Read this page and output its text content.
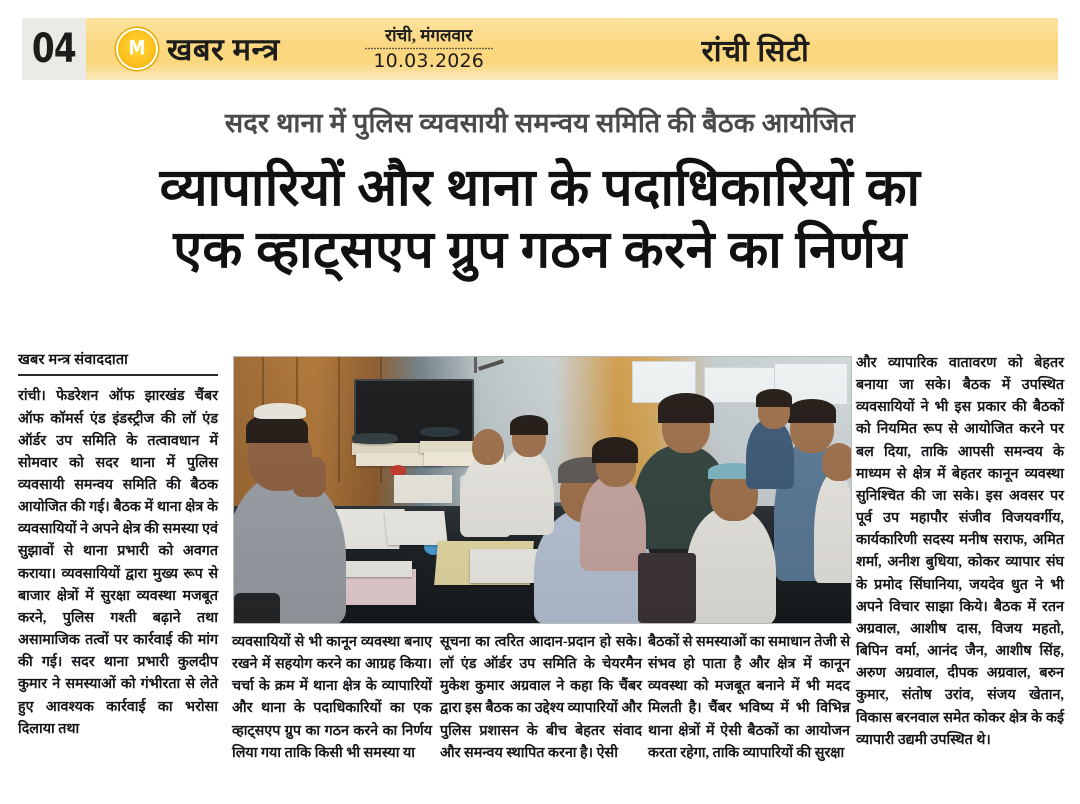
04	M खबर मन्त्र	रांची, मंगलवार
10.03.2026	रांची सिटी
सदर थाना में पुलिस व्यवसायी समन्वय समिति की बैठक आयोजित
व्यापारियों और थाना के पदाधिकारियों का
एक व्हाट्सएप ग्रुप गठन करने का निर्णय
खबर मन्त्र संवाददाता

रांची। फेडरेशन ऑफ झारखंड चैंबर ऑफ कॉमर्स एंड इंडस्ट्रीज की लॉ एंड ऑर्डर उप समिति के तत्वावधान में सोमवार को सदर थाना में पुलिस व्यवसायी समन्वय समिति की बैठक आयोजित की गई। बैठक में थाना क्षेत्र के व्यवसायियों ने अपने क्षेत्र की समस्या एवं सुझावों से थाना प्रभारी को अवगत कराया। व्यवसायियों द्वारा मुख्य रूप से बाजार क्षेत्रों में सुरक्षा व्यवस्था मजबूत करने, पुलिस गश्ती बढ़ाने तथा असामाजिक तत्वों पर कार्रवाई की मांग की गई। सदर थाना प्रभारी कुलदीप कुमार ने समस्याओं को गंभीरता से लेते हुए आवश्यक कार्रवाई का भरोसा दिलाया तथा

व्यवसायियों से भी कानून व्यवस्था बनाए रखने में सहयोग करने का आग्रह किया। चर्चा के क्रम में थाना क्षेत्र के व्यापारियों और थाना के पदाधिकारियों का एक व्हाट्सएप ग्रुप का गठन करने का निर्णय लिया गया ताकि किसी भी समस्या या

सूचना का त्वरित आदान-प्रदान हो सके। लॉ एंड ऑर्डर उप समिति के चेयरमैन मुकेश कुमार अग्रवाल ने कहा कि चैंबर द्वारा इस बैठक का उद्देश्य व्यापारियों और पुलिस प्रशासन के बीच बेहतर संवाद और समन्वय स्थापित करना है। ऐसी

बैठकों से समस्याओं का समाधान तेजी से संभव हो पाता है और क्षेत्र में कानून व्यवस्था को मजबूत बनाने में भी मदद मिलती है। चैंबर भविष्य में भी विभिन्न थाना क्षेत्रों में ऐसी बैठकों का आयोजन करता रहेगा, ताकि व्यापारियों की सुरक्षा

और व्यापारिक वातावरण को बेहतर बनाया जा सके। बैठक में उपस्थित व्यवसायियों ने भी इस प्रकार की बैठकों को नियमित रूप से आयोजित करने पर बल दिया, ताकि आपसी समन्वय के माध्यम से क्षेत्र में बेहतर कानून व्यवस्था सुनिश्चित की जा सके। इस अवसर पर पूर्व उप महापौर संजीव विजयवर्गीय, कार्यकारिणी सदस्य मनीष सराफ, अमित शर्मा, अनीश बुधिया, कोकर व्यापार संघ के प्रमोद सिंघानिया, जयदेव धुत ने भी अपने विचार साझा किये। बैठक में रतन अग्रवाल, आशीष दास, विजय महतो, बिपिन वर्मा, आनंद जैन, आशीष सिंह, अरुण अग्रवाल, दीपक अग्रवाल, बरुन कुमार, संतोष उरांव, संजय खेतान, विकास बरनवाल समेत कोकर क्षेत्र के कई व्यापारी उद्यमी उपस्थित थे।
